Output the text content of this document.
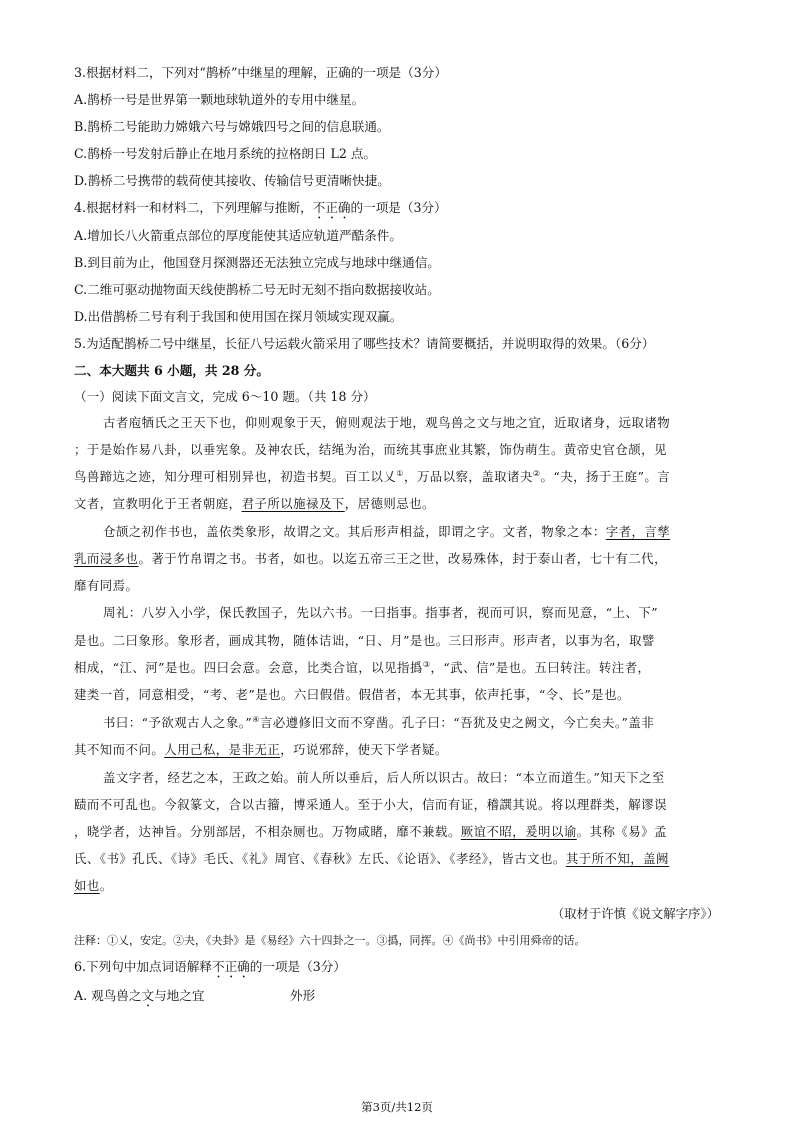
3.根据材料二，下列对“鹊桥”中继星的理解，正确的一项是（3分）
A.鹊桥一号是世界第一颗地球轨道外的专用中继星。
B.鹊桥二号能助力嫦娥六号与嫦娥四号之间的信息联通。
C.鹊桥一号发射后静止在地月系统的拉格朗日 L2 点。
D.鹊桥二号携带的载荷使其接收、传输信号更清晰快捷。
4.根据材料一和材料二，下列理解与推断，不正确的一项是（3分）
A.增加长八火箭重点部位的厚度能使其适应轨道严酷条件。
B.到目前为止，他国登月探测器还无法独立完成与地球中继通信。
C.二维可驱动抛物面天线使鹊桥二号无时无刻不指向数据接收站。
D.出借鹊桥二号有利于我国和使用国在探月领域实现双赢。
5.为适配鹊桥二号中继星，长征八号运载火箭采用了哪些技术？请简要概括，并说明取得的效果。（6分）
二、本大题共 6 小题，共 28 分。
（一）阅读下面文言文，完成 6～10 题。（共 18 分）
古者庖牺氏之王天下也，仰则观象于天，俯则观法于地，观鸟兽之文与地之宜，近取诸身，远取诸物
；于是始作易八卦，以垂宪象。及神农氏，结绳为治，而统其事庶业其繁，饰伪萌生。黄帝史官仓颉，见
鸟兽蹄迒之迹，知分理可相别异也，初造书契。百工以乂①，万品以察，盖取诸夬②。“夬，扬于王庭”。言
文者，宣教明化于王者朝庭，君子所以施禄及下，居德则忌也。
仓颉之初作书也，盖依类象形，故谓之文。其后形声相益，即谓之字。文者，物象之本：字者，言孳
乳而浸多也。著于竹帛谓之书。书者，如也。以迄五帝三王之世，改易殊体，封于泰山者，七十有二代，
靡有同焉。
周礼：八岁入小学，保氏教国子，先以六书。一曰指事。指事者，视而可识，察而见意，“上、下”
是也。二曰象形。象形者，画成其物，随体诘诎，“日、月”是也。三曰形声。形声者，以事为名，取譬
相成，“江、河”是也。四曰会意。会意，比类合谊，以见指撝③，“武、信”是也。五曰转注。转注者，
建类一首，同意相受，“考、老”是也。六曰假借。假借者，本无其事，依声托事，“令、长”是也。
书曰：“予欲观古人之象。”④言必遵修旧文而不穿凿。孔子曰：“吾犹及史之阙文，今亡矣夫。”盖非
其不知而不问。人用己私，是非无正，巧说邪辞，使天下学者疑。
盖文字者，经艺之本，王政之始。前人所以垂后，后人所以识古。故曰：“本立而道生。”知天下之至
赜而不可乱也。今叙篆文，合以古籀，博采通人。至于小大，信而有证，稽譔其说。将以理群类，解谬误
，晓学者，达神旨。分别部居，不相杂厕也。万物咸睹，靡不兼载。厥谊不昭，爰明以谕。其称《易》孟
氏、《书》孔氏、《诗》毛氏、《礼》周官、《春秋》左氏、《论语》、《孝经》，皆古文也。其于所不知，盖阙
如也。
（取材于许慎《说文解字序》）
注释：①乂，安定。②夬，《夬卦》是《易经》六十四卦之一。③撝，同挥。④《尚书》中引用舜帝的话。
6.下列句中加点词语解释不正确的一项是（3分）
A. 观鸟兽之文与地之宜	外形
第3页/共12页
